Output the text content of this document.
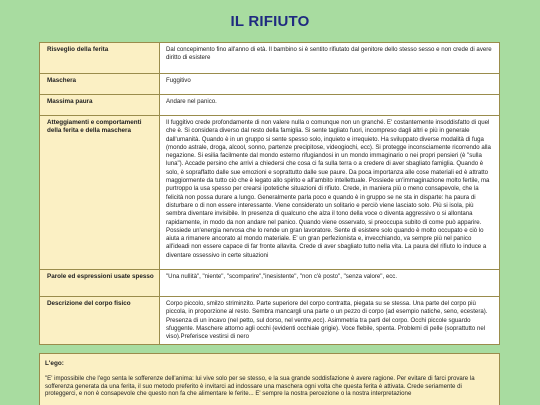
IL RIFIUTO
Risveglio della ferita	Dal concepimento fino all'anno di età. Il bambino si è sentito rifiutato dal genitore dello stesso sesso e non crede di avere diritto di esistere
Maschera	Fuggitivo
Massima paura	Andare nel panico.
Atteggiamenti e comportamenti della ferita e della maschera	Il fuggitivo crede profondamente di non valere nulla o comunque non un granché. E' costantemente insoddisfatto di quel che è. Si considera diverso dal resto della famiglia. Si sente tagliato fuori, incompreso dagli altri e più in generale dall'umanità. Quando è in un gruppo si sente spesso solo, inquieto e irrequieto. Ha sviluppato diverse modalità di fuga (mondo astrale, droga, alcool, sonno, partenze precipitose, videogiochi, ecc). Si protegge inconsciamente ricorrendo alla negazione. Si esilia facilmente dal mondo esterno rifugiandosi in un mondo immaginario o nei propri pensieri (è "sulla luna"). Accade persino che arrivi a chiedersi che cosa ci fa sulla terra o a credere di aver sbagliato famiglia. Quando è solo, è sopraffatto dalle sue emozioni e soprattutto dalle sue paure. Da poca importanza alle cose materiali ed è attratto maggiormente da tutto ciò che è legato allo spirito e all'ambito intellettuale. Possiede un'immaginazione molto fertile, ma purtroppo la usa spesso per crearsi ipotetiche situazioni di rifiuto. Crede, in maniera più o meno consapevole, che la felicità non possa durare a lungo. Generalmente parla poco e quando è in gruppo se ne sta in disparte: ha paura di disturbare o di non essere interessante. Viene considerato un solitario e perciò viene lasciato solo. Più si isola, più sembra diventare invisibile. In presenza di qualcuno che alza il tono della voce o diventa aggressivo o si allontana rapidamente, in modo da non andare nel panico. Quando viene osservato, si preoccupa subito di come può apparire. Possiede un'energia nervosa che lo rende un gran lavoratore. Sente di esistere solo quando è molto occupato e ciò lo aiuta a rimanere ancorato al mondo materiale. E' un gran perfezionista e, invecchiando, va sempre più nel panico all'ideadi non essere capace di far fronte allavita. Crede di aver sbagliato tutto nella vita. La paura del rifiuto lo induce a diventare ossessivo in certe situazioni
Parole ed espressioni usate spesso	"Una nullità", "niente", "scomparire","inesistente", "non c'è posto", "senza valore", ecc.
Descrizione del corpo fisico	Corpo piccolo, smilzo striminzito. Parte superiore del corpo contratta, piegata su se stessa. Una parte del corpo più piccola, in proporzione al resto. Sembra mancargli una parte o un pezzo di corpo (ad esempio natiche, seno, ecestera). Presenza di un incavo (nel petto, sul dorso, nel ventre,ecc). Asimmetria tra parti del corpo. Occhi piccole sguardo sfuggente. Maschere attorno agli occhi (evidenti occhiaie grigie). Voce flebile, spenta. Problemi di pelle (soprattutto nel viso).Preferisce vestirsi di nero
L'ego:
"E' impossibile che l'ego senta le sofferenze dell'anima: lui vive solo per se stesso, e la sua grande soddisfazione è avere ragione. Per evitare di farci provare la sofferenza generata da una ferita, il suo metodo preferito è invitarci ad indossare una maschera ogni volta che questa ferita è attivata. Crede seriamente di proteggerci, e non è consapevole che questo non fa che alimentare le ferite... E' sempre la nostra percezione o la nostra interpretazione
